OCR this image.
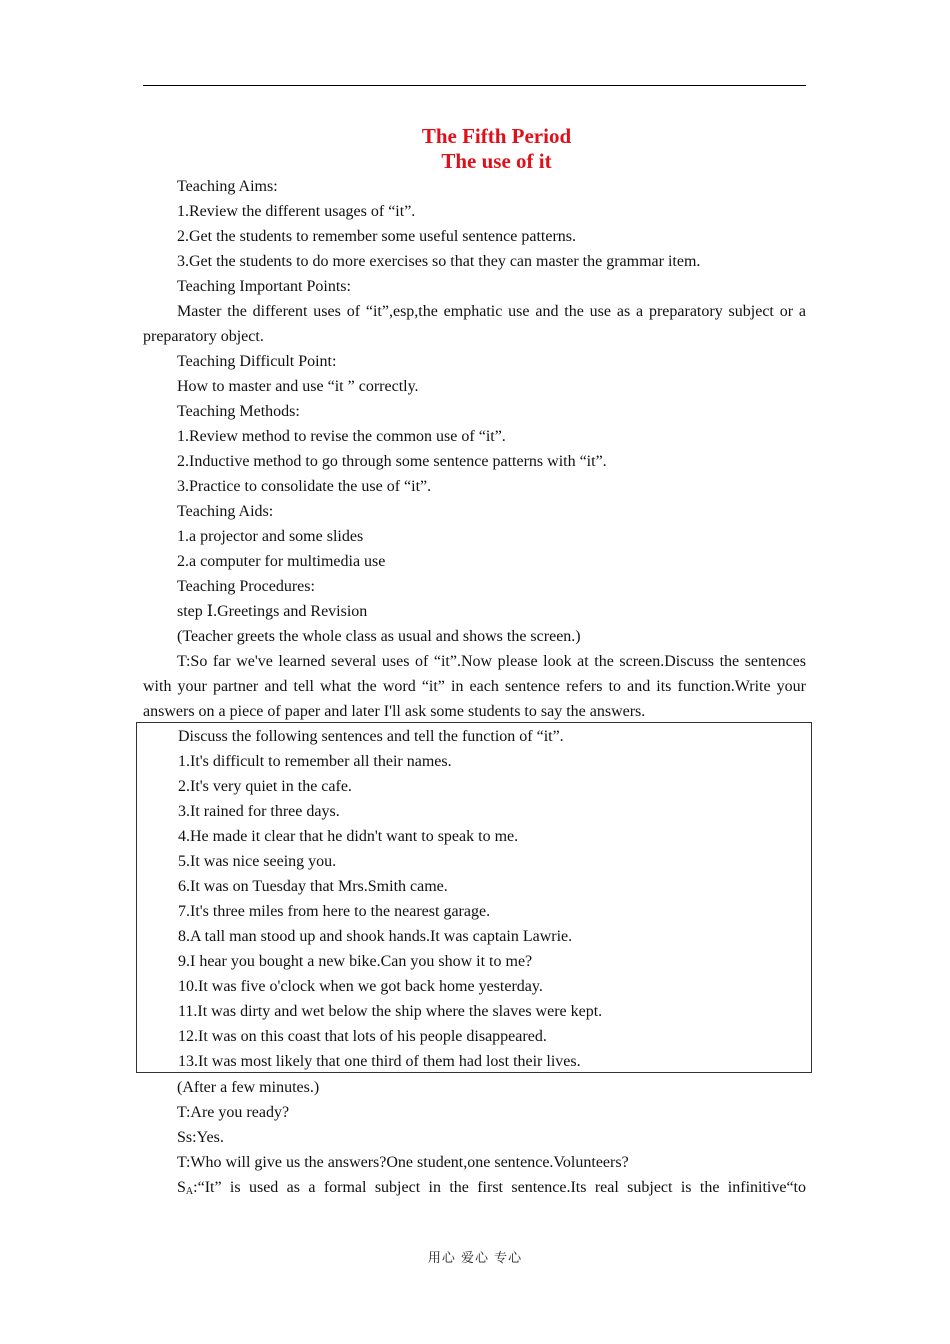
The Fifth Period
The use of it

Teaching Aims:

1.Review the different usages of “it”.

2.Get the students to remember some useful sentence patterns.

3.Get the students to do more exercises so that they can master the grammar item.

Teaching Important Points:

Master the different uses of “it”,esp,the emphatic use and the use as a preparatory subject or a preparatory object.

Teaching Difficult Point:

How to master and use “it ” correctly.

Teaching Methods:

1.Review method to revise the common use of “it”.

2.Inductive method to go through some sentence patterns with “it”.

3.Practice to consolidate the use of “it”.

Teaching Aids:

1.a projector and some slides

2.a computer for multimedia use

Teaching Procedures:

step Ⅰ.Greetings and Revision

(Teacher greets the whole class as usual and shows the screen.)

T:So far we've learned several uses of “it”.Now please look at the screen.Discuss the sentences with your partner and tell what the word “it” in each sentence refers to and its function.Write your answers on a piece of paper and later I'll ask some students to say the answers.

Discuss the following sentences and tell the function of “it”.

1.It's difficult to remember all their names.

2.It's very quiet in the cafe.

3.It rained for three days.

4.He made it clear that he didn't want to speak to me.

5.It was nice seeing you.

6.It was on Tuesday that Mrs.Smith came.

7.It's three miles from here to the nearest garage.

8.A tall man stood up and shook hands.It was captain Lawrie.

9.I hear you bought a new bike.Can you show it to me?

10.It was five o'clock when we got back home yesterday.

11.It was dirty and wet below the ship where the slaves were kept.

12.It was on this coast that lots of his people disappeared.

13.It was most likely that one third of them had lost their lives.

(After a few minutes.)

T:Are you ready?

Ss:Yes.

T:Who will give us the answers?One student,one sentence.Volunteers?

$S_A:“It$” is used as a formal subject in the first sentence.Its real subject is the infinitive“to

用心 爱心 专心
